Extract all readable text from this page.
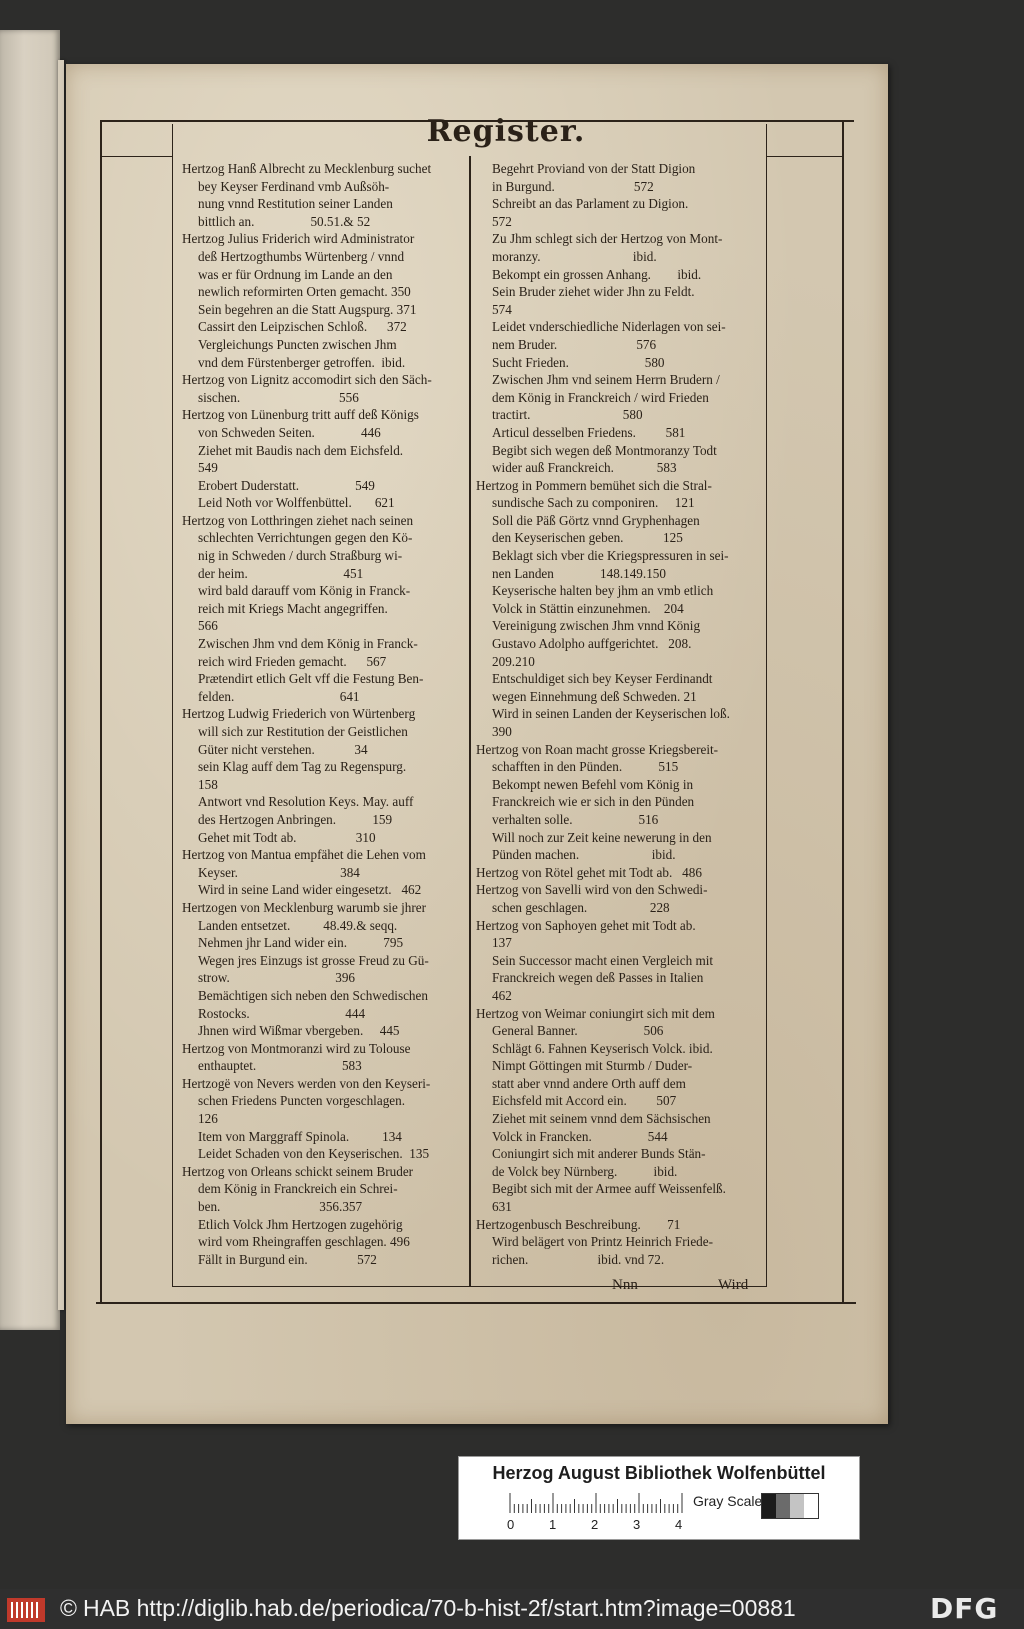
Register.
Hertzog Hanß Albrecht zu Mecklenburg suchet
bey Keyser Ferdinand vmb Außsöh-
nung vnnd Restitution seiner Landen
bittlich an.                 50.51.& 52
Hertzog Julius Friderich wird Administrator
deß Hertzogthumbs Würtenberg / vnnd
was er für Ordnung im Lande an den
newlich reformirten Orten gemacht. 350
Sein begehren an die Statt Augspurg. 371
Cassirt den Leipzischen Schloß.      372
Vergleichungs Puncten zwischen Jhm
vnd dem Fürstenberger getroffen.  ibid.
Hertzog von Lignitz accomodirt sich den Säch-
sischen.                              556
Hertzog von Lünenburg tritt auff deß Königs
von Schweden Seiten.              446
Ziehet mit Baudis nach dem Eichsfeld.
549
Erobert Duderstatt.                 549
Leid Noth vor Wolffenbüttel.       621
Hertzog von Lotthringen ziehet nach seinen
schlechten Verrichtungen gegen den Kö-
nig in Schweden / durch Straßburg wi-
der heim.                             451
wird bald darauff vom König in Franck-
reich mit Kriegs Macht angegriffen.
566
Zwischen Jhm vnd dem König in Franck-
reich wird Frieden gemacht.      567
Prætendirt etlich Gelt vff die Festung Ben-
felden.                                641
Hertzog Ludwig Friederich von Würtenberg
will sich zur Restitution der Geistlichen
Güter nicht verstehen.            34
sein Klag auff dem Tag zu Regenspurg.
158
Antwort vnd Resolution Keys. May. auff
des Hertzogen Anbringen.           159
Gehet mit Todt ab.                  310
Hertzog von Mantua empfähet die Lehen vom
Keyser.                               384
Wird in seine Land wider eingesetzt.   462
Hertzogen von Mecklenburg warumb sie jhrer
Landen entsetzet.          48.49.& seqq.
Nehmen jhr Land wider ein.           795
Wegen jres Einzugs ist grosse Freud zu Gü-
strow.                                396
Bemächtigen sich neben den Schwedischen
Rostocks.                             444
Jhnen wird Wißmar vbergeben.     445
Hertzog von Montmoranzi wird zu Tolouse
enthauptet.                          583
Hertzogë von Nevers werden von den Keyseri-
schen Friedens Puncten vorgeschlagen.
126
Item von Marggraff Spinola.          134
Leidet Schaden von den Keyserischen.  135
Hertzog von Orleans schickt seinem Bruder
dem König in Franckreich ein Schrei-
ben.                              356.357
Etlich Volck Jhm Hertzogen zugehörig
wird vom Rheingraffen geschlagen. 496
Fällt in Burgund ein.               572
Begehrt Proviand von der Statt Digion
in Burgund.                        572
Schreibt an das Parlament zu Digion.
572
Zu Jhm schlegt sich der Hertzog von Mont-
moranzy.                            ibid.
Bekompt ein grossen Anhang.        ibid.
Sein Bruder ziehet wider Jhn zu Feldt.
574
Leidet vnderschiedliche Niderlagen von sei-
nem Bruder.                        576
Sucht Frieden.                       580
Zwischen Jhm vnd seinem Herrn Brudern /
dem König in Franckreich / wird Frieden
tractirt.                            580
Articul desselben Friedens.         581
Begibt sich wegen deß Montmoranzy Todt
wider auß Franckreich.             583
Hertzog in Pommern bemühet sich die Stral-
sundische Sach zu componiren.     121
Soll die Päß Görtz vnnd Gryphenhagen
den Keyserischen geben.            125
Beklagt sich vber die Kriegspressuren in sei-
nen Landen              148.149.150
Keyserische halten bey jhm an vmb etlich
Volck in Stättin einzunehmen.    204
Vereinigung zwischen Jhm vnnd König
Gustavo Adolpho auffgerichtet.   208.
209.210
Entschuldiget sich bey Keyser Ferdinandt
wegen Einnehmung deß Schweden. 21
Wird in seinen Landen der Keyserischen loß.
390
Hertzog von Roan macht grosse Kriegsbereit-
schafften in den Pünden.           515
Bekompt newen Befehl vom König in
Franckreich wie er sich in den Pünden
verhalten solle.                    516
Will noch zur Zeit keine newerung in den
Pünden machen.                      ibid.
Hertzog von Rötel gehet mit Todt ab.   486
Hertzog von Savelli wird von den Schwedi-
schen geschlagen.                   228
Hertzog von Saphoyen gehet mit Todt ab.
137
Sein Successor macht einen Vergleich mit
Franckreich wegen deß Passes in Italien
462
Hertzog von Weimar coniungirt sich mit dem
General Banner.                    506
Schlägt 6. Fahnen Keyserisch Volck. ibid.
Nimpt Göttingen mit Sturmb / Duder-
statt aber vnnd andere Orth auff dem
Eichsfeld mit Accord ein.         507
Ziehet mit seinem vnnd dem Sächsischen
Volck in Francken.                 544
Coniungirt sich mit anderer Bunds Stän-
de Volck bey Nürnberg.           ibid.
Begibt sich mit der Armee auff Weissenfelß.
631
Hertzogenbusch Beschreibung.        71
Wird belägert von Printz Heinrich Friede-
richen.                     ibid. vnd 72.
Nnn	Wird
Herzog August Bibliothek Wolfenbüttel
Gray Scale
0	1	2	3	4
© HAB http://diglib.hab.de/periodica/70-b-hist-2f/start.htm?image=00881	DFG
